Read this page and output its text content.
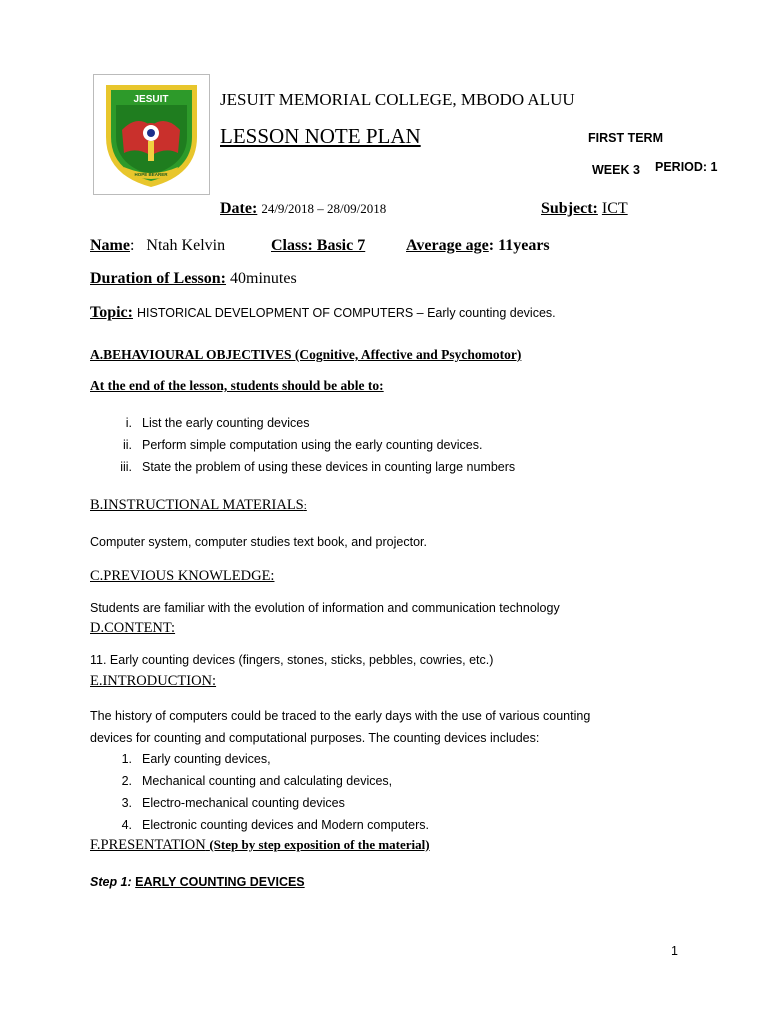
JESUIT
HOPE BEARER
JESUIT MEMORIAL COLLEGE, MBODO ALUU
LESSON NOTE PLAN	FIRST TERM
WEEK 3 PERIOD: 1
Date: 24/9/2018 – 28/09/2018	Subject: ICT
Name:   Ntah Kelvin	Class: Basic 7	Average age: 11years
Duration of Lesson: 40minutes
Topic: HISTORICAL DEVELOPMENT OF COMPUTERS – Early counting devices.
A.BEHAVIOURAL OBJECTIVES (Cognitive, Affective and Psychomotor)
At the end of the lesson, students should be able to:
i. List the early counting devices
ii. Perform simple computation using the early counting devices.
iii. State the problem of using these devices in counting large numbers
B.INSTRUCTIONAL MATERIALS:
Computer system, computer studies text book, and projector.
C.PREVIOUS KNOWLEDGE:
Students are familiar with the evolution of information and communication technology
D.CONTENT:
11. Early counting devices (fingers, stones, sticks, pebbles, cowries, etc.)
E.INTRODUCTION:
The history of computers could be traced to the early days with the use of various counting
devices for counting and computational purposes. The counting devices includes:
1. Early counting devices,
2. Mechanical counting and calculating devices,
3. Electro-mechanical counting devices
4. Electronic counting devices and Modern computers.
F.PRESENTATION (Step by step exposition of the material)
Step 1: EARLY COUNTING DEVICES
1
